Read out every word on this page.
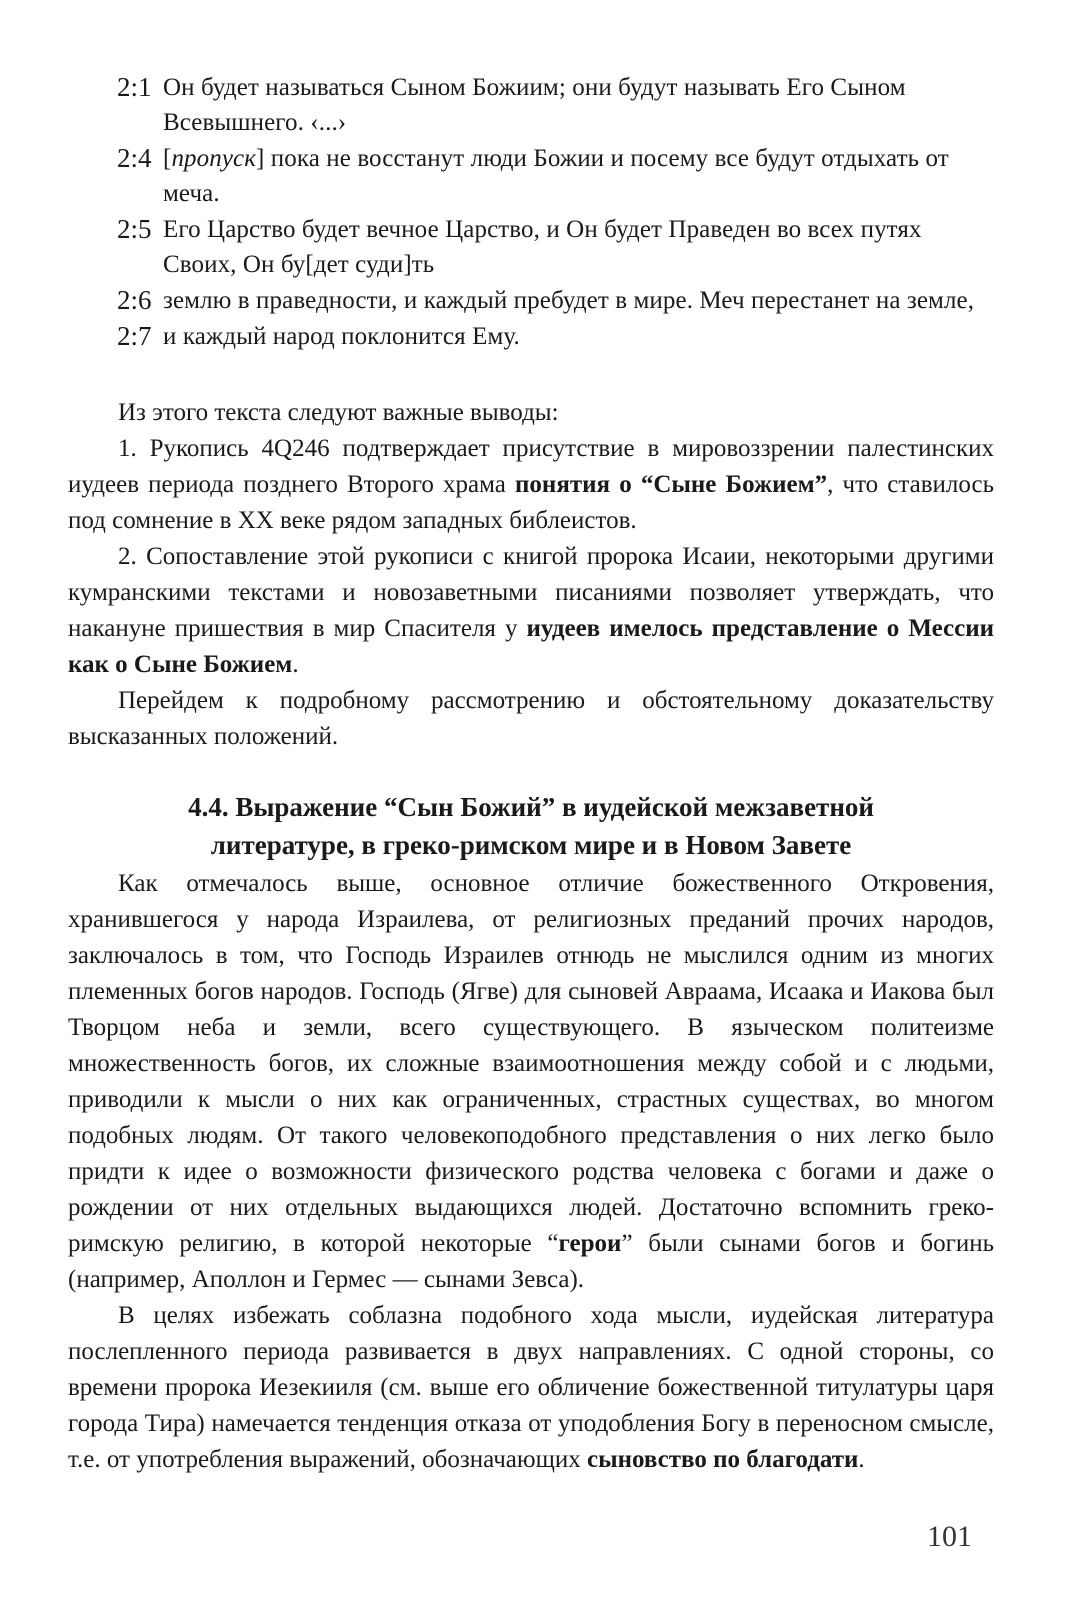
2:1 Он будет называться Сыном Божиим; они будут называть Его Сыном Всевышнего. ‹...›
2:4 [пропуск] пока не восстанут люди Божии и посему все будут отдыхать от меча.
2:5 Его Царство будет вечное Царство, и Он будет Праведен во всех путях Своих, Он бу[дет суди]ть
2:6 землю в праведности, и каждый пребудет в мире. Меч перестанет на земле,
2:7 и каждый народ поклонится Ему.

Из этого текста следуют важные выводы:

1. Рукопись 4Q246 подтверждает присутствие в мировоззрении палестинских иудеев периода позднего Второго храма понятия о “Сыне Божием”, что ставилось под сомнение в XX веке рядом западных библеистов.

2. Сопоставление этой рукописи с книгой пророка Исаии, некоторыми другими кумранскими текстами и новозаветными писаниями позволяет утверждать, что накануне пришествия в мир Спасителя у иудеев имелось представление о Мессии как о Сыне Божием.

Перейдем к подробному рассмотрению и обстоятельному доказательству высказанных положений.

4.4. Выражение “Сын Божий” в иудейской межзаветной
литературе, в греко-римском мире и в Новом Завете

Как отмечалось выше, основное отличие божественного Откровения, хранившегося у народа Израилева, от религиозных преданий прочих народов, заключалось в том, что Господь Израилев отнюдь не мыслился одним из многих племенных богов народов. Господь (Ягве) для сыновей Авраама, Исаака и Иакова был Творцом неба и земли, всего существующего. В языческом политеизме множественность богов, их сложные взаимоотношения между собой и с людьми, приводили к мысли о них как ограниченных, страстных существах, во многом подобных людям. От такого человекоподобного представления о них легко было придти к идее о возможности физического родства человека с богами и даже о рождении от них отдельных выдающихся людей. Достаточно вспомнить греко-римскую религию, в которой некоторые “герои” были сынами богов и богинь (например, Аполлон и Гермес — сынами Зевса).

В целях избежать соблазна подобного хода мысли, иудейская литература послепленного периода развивается в двух направлениях. С одной стороны, со времени пророка Иезекииля (см. выше его обличение божественной титулатуры царя города Тира) намечается тенденция отказа от уподобления Богу в переносном смысле, т.е. от употребления выражений, обозначающих сыновство по благодати.

101
